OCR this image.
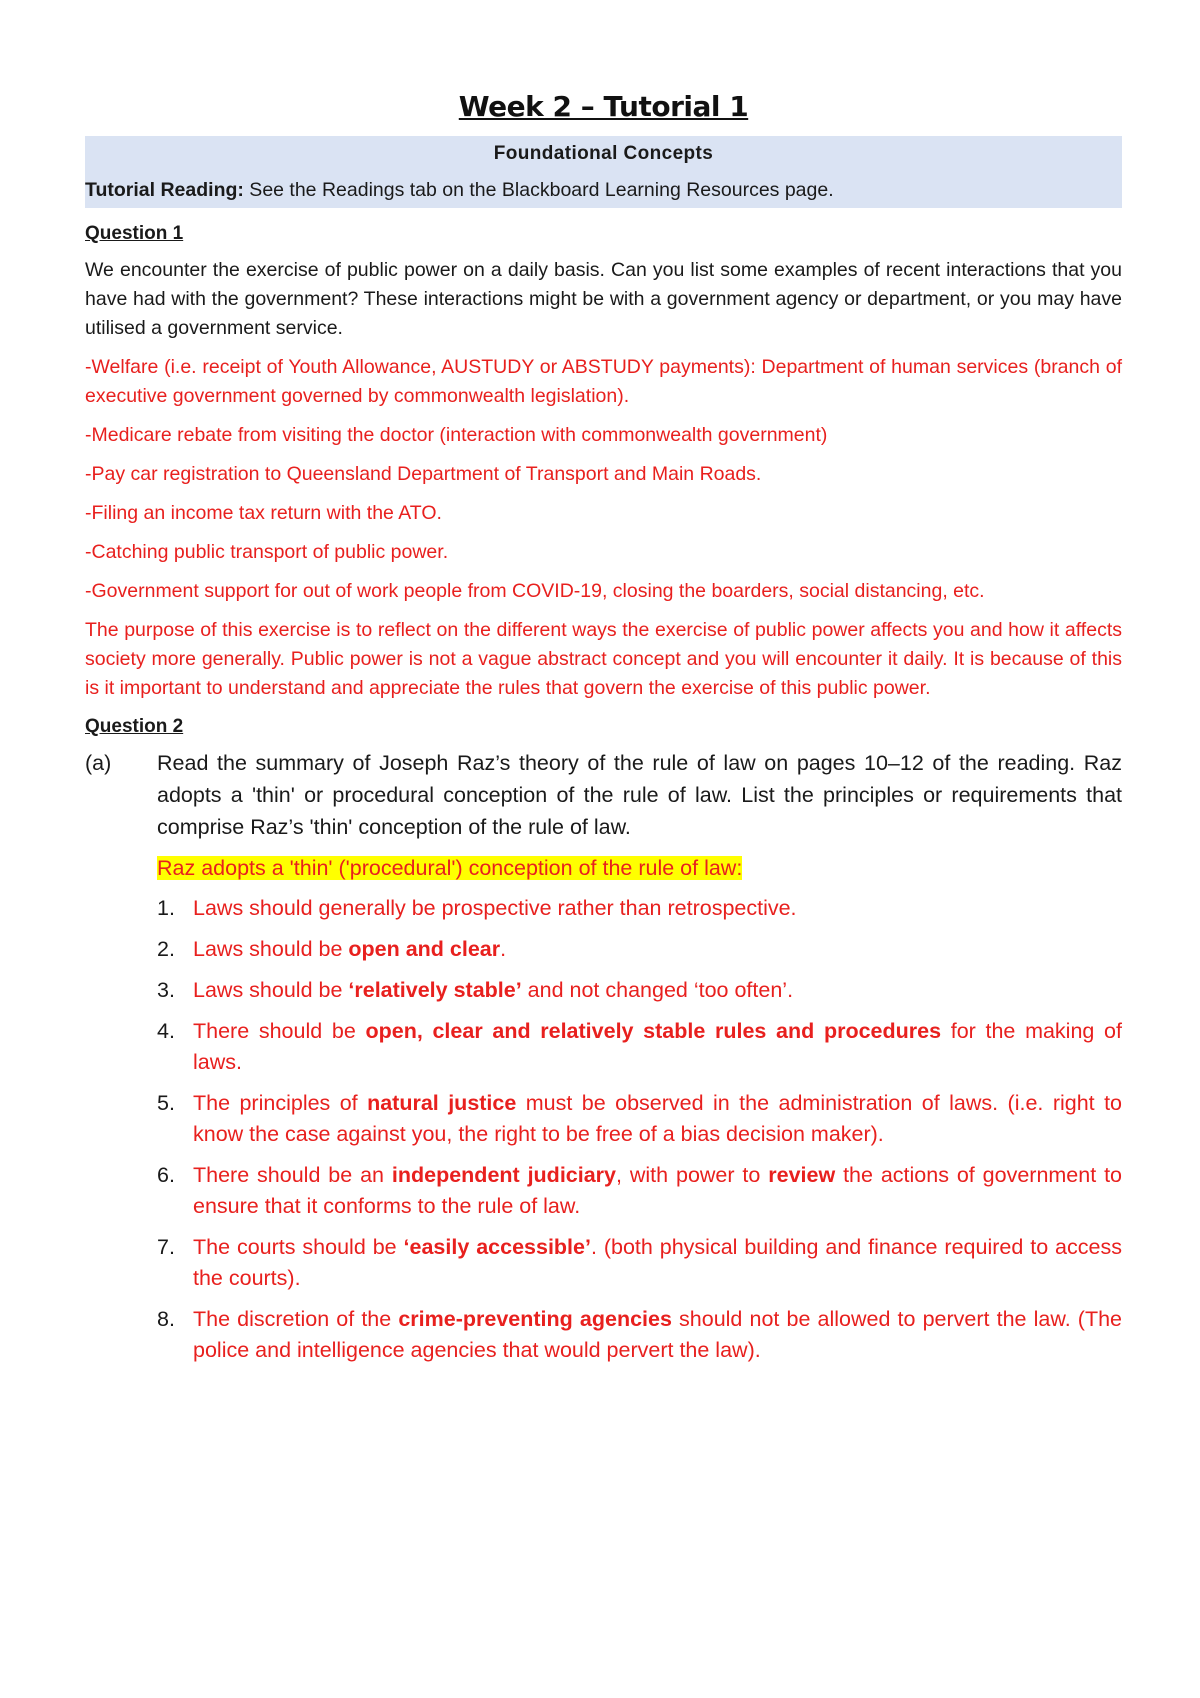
Week 2 – Tutorial 1
Foundational Concepts
Tutorial Reading: See the Readings tab on the Blackboard Learning Resources page.
Question 1

We encounter the exercise of public power on a daily basis. Can you list some examples of recent interactions that you have had with the government? These interactions might be with a government agency or department, or you may have utilised a government service.

-Welfare (i.e. receipt of Youth Allowance, AUSTUDY or ABSTUDY payments): Department of human services (branch of executive government governed by commonwealth legislation).

-Medicare rebate from visiting the doctor (interaction with commonwealth government)

-Pay car registration to Queensland Department of Transport and Main Roads.

-Filing an income tax return with the ATO.

-Catching public transport of public power.

-Government support for out of work people from COVID-19, closing the boarders, social distancing, etc.

The purpose of this exercise is to reflect on the different ways the exercise of public power affects you and how it affects society more generally. Public power is not a vague abstract concept and you will encounter it daily. It is because of this is it important to understand and appreciate the rules that govern the exercise of this public power.

Question 2
(a)	Read the summary of Joseph Raz’s theory of the rule of law on pages 10–12 of the reading. Raz adopts a 'thin' or procedural conception of the rule of law. List the principles or requirements that comprise Raz’s 'thin' conception of the rule of law.
Raz adopts a 'thin' ('procedural') conception of the rule of law:
1. Laws should generally be prospective rather than retrospective.
2. Laws should be open and clear.
3. Laws should be ‘relatively stable’ and not changed ‘too often’.
4. There should be open, clear and relatively stable rules and procedures for the making of laws.
5. The principles of natural justice must be observed in the administration of laws. (i.e. right to know the case against you, the right to be free of a bias decision maker).
6. There should be an independent judiciary, with power to review the actions of government to ensure that it conforms to the rule of law.
7. The courts should be ‘easily accessible’. (both physical building and finance required to access the courts).
8. The discretion of the crime-preventing agencies should not be allowed to pervert the law. (The police and intelligence agencies that would pervert the law).
